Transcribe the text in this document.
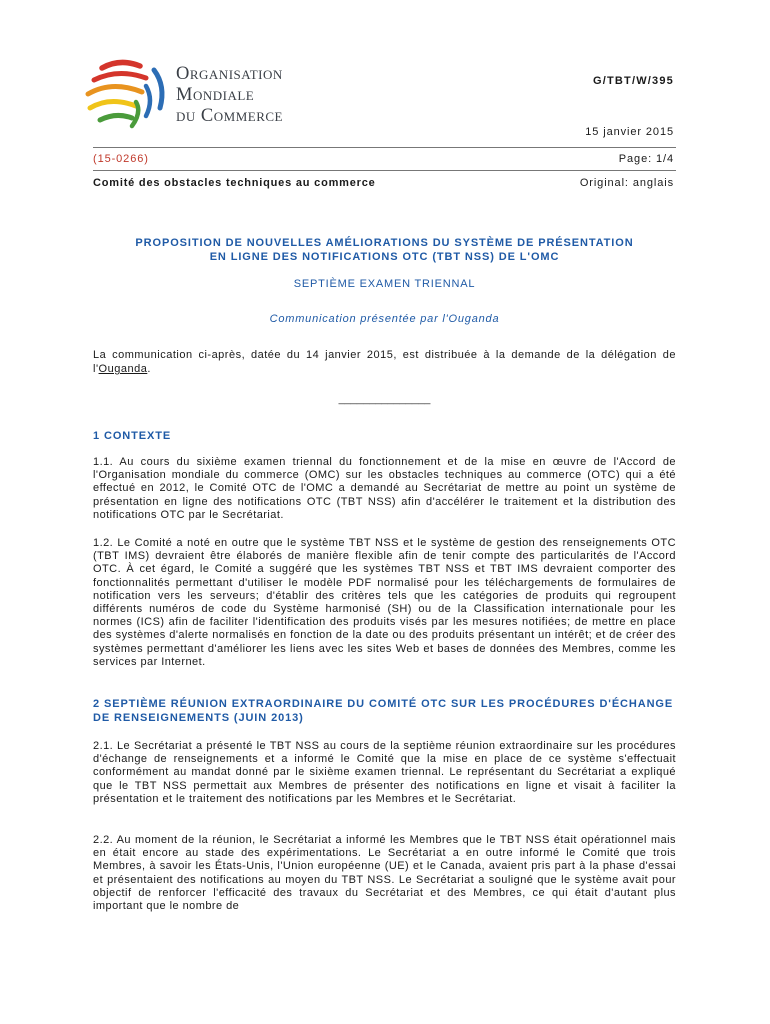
Organisation
Mondiale
du Commerce
G/TBT/W/395
15 janvier 2015
(15-0266)	Page: 1/4
Comité des obstacles techniques au commerce	Original: anglais
PROPOSITION DE NOUVELLES AMÉLIORATIONS DU SYSTÈME DE PRÉSENTATION
EN LIGNE DES NOTIFICATIONS OTC (TBT NSS) DE L'OMC
SEPTIÈME EXAMEN TRIENNAL
Communication présentée par l'Ouganda
La communication ci-après, datée du 14 janvier 2015, est distribuée à la demande de la délégation de l'Ouganda.
_______________
1 CONTEXTE
1.1. Au cours du sixième examen triennal du fonctionnement et de la mise en œuvre de l'Accord de l'Organisation mondiale du commerce (OMC) sur les obstacles techniques au commerce (OTC) qui a été effectué en 2012, le Comité OTC de l'OMC a demandé au Secrétariat de mettre au point un système de présentation en ligne des notifications OTC (TBT NSS) afin d'accélérer le traitement et la distribution des notifications OTC par le Secrétariat.
1.2. Le Comité a noté en outre que le système TBT NSS et le système de gestion des renseignements OTC (TBT IMS) devraient être élaborés de manière flexible afin de tenir compte des particularités de l'Accord OTC. À cet égard, le Comité a suggéré que les systèmes TBT NSS et TBT IMS devraient comporter des fonctionnalités permettant d'utiliser le modèle PDF normalisé pour les téléchargements de formulaires de notification vers les serveurs; d'établir des critères tels que les catégories de produits qui regroupent différents numéros de code du Système harmonisé (SH) ou de la Classification internationale pour les normes (ICS) afin de faciliter l'identification des produits visés par les mesures notifiées; de mettre en place des systèmes d'alerte normalisés en fonction de la date ou des produits présentant un intérêt; et de créer des systèmes permettant d'améliorer les liens avec les sites Web et bases de données des Membres, comme les services par Internet.
2 SEPTIÈME RÉUNION EXTRAORDINAIRE DU COMITÉ OTC SUR LES PROCÉDURES D'ÉCHANGE DE RENSEIGNEMENTS (JUIN 2013)
2.1. Le Secrétariat a présenté le TBT NSS au cours de la septième réunion extraordinaire sur les procédures d'échange de renseignements et a informé le Comité que la mise en place de ce système s'effectuait conformément au mandat donné par le sixième examen triennal. Le représentant du Secrétariat a expliqué que le TBT NSS permettait aux Membres de présenter des notifications en ligne et visait à faciliter la présentation et le traitement des notifications par les Membres et le Secrétariat.
2.2. Au moment de la réunion, le Secrétariat a informé les Membres que le TBT NSS était opérationnel mais en était encore au stade des expérimentations. Le Secrétariat a en outre informé le Comité que trois Membres, à savoir les États-Unis, l'Union européenne (UE) et le Canada, avaient pris part à la phase d'essai et présentaient des notifications au moyen du TBT NSS. Le Secrétariat a souligné que le système avait pour objectif de renforcer l'efficacité des travaux du Secrétariat et des Membres, ce qui était d'autant plus important que le nombre de
